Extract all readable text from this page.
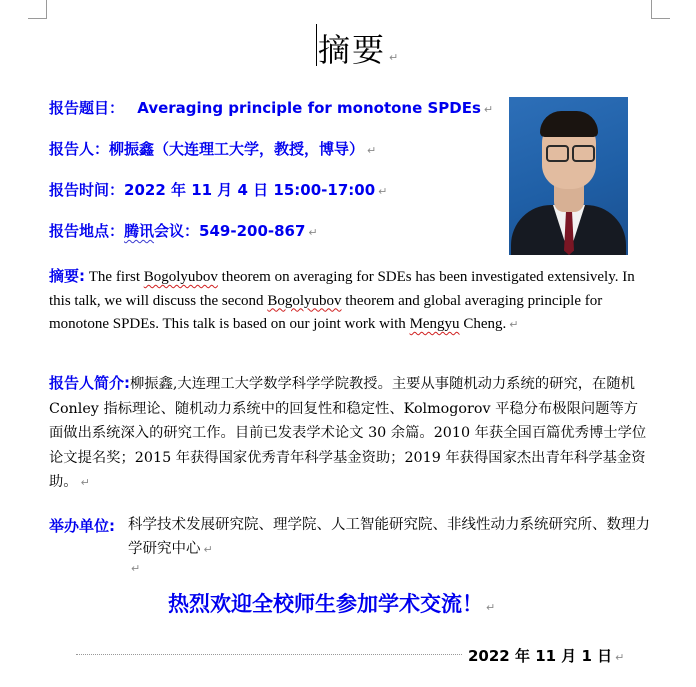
摘要 ↵
报告题目： Averaging principle for monotone SPDEs ↵
报告人：柳振鑫（大连理工大学，教授，博导） ↵
报告时间：2022 年 11 月 4 日 15:00-17:00 ↵
报告地点：腾讯会议：549-200-867 ↵
摘要: The first Bogolyubov theorem on averaging for SDEs has been investigated extensively. In this talk, we will discuss the second Bogolyubov theorem and global averaging principle for monotone SPDEs. This talk is based on our joint work with Mengyu Cheng. ↵
报告人简介:柳振鑫,大连理工大学数学科学学院教授。主要从事随机动力系统的研究，在随机 Conley 指标理论、随机动力系统中的回复性和稳定性、Kolmogorov 平稳分布极限问题等方面做出系统深入的研究工作。目前已发表学术论文 30 余篇。2010 年获全国百篇优秀博士学位论文提名奖；2015 年获得国家优秀青年科学基金资助；2019 年获得国家杰出青年科学基金资助。 ↵
举办单位: 科学技术发展研究院、理学院、人工智能研究院、非线性动力系统研究所、数理力学研究中心 ↵
↵
热烈欢迎全校师生参加学术交流！ ↵
2022 年 11 月 1 日 ↵
